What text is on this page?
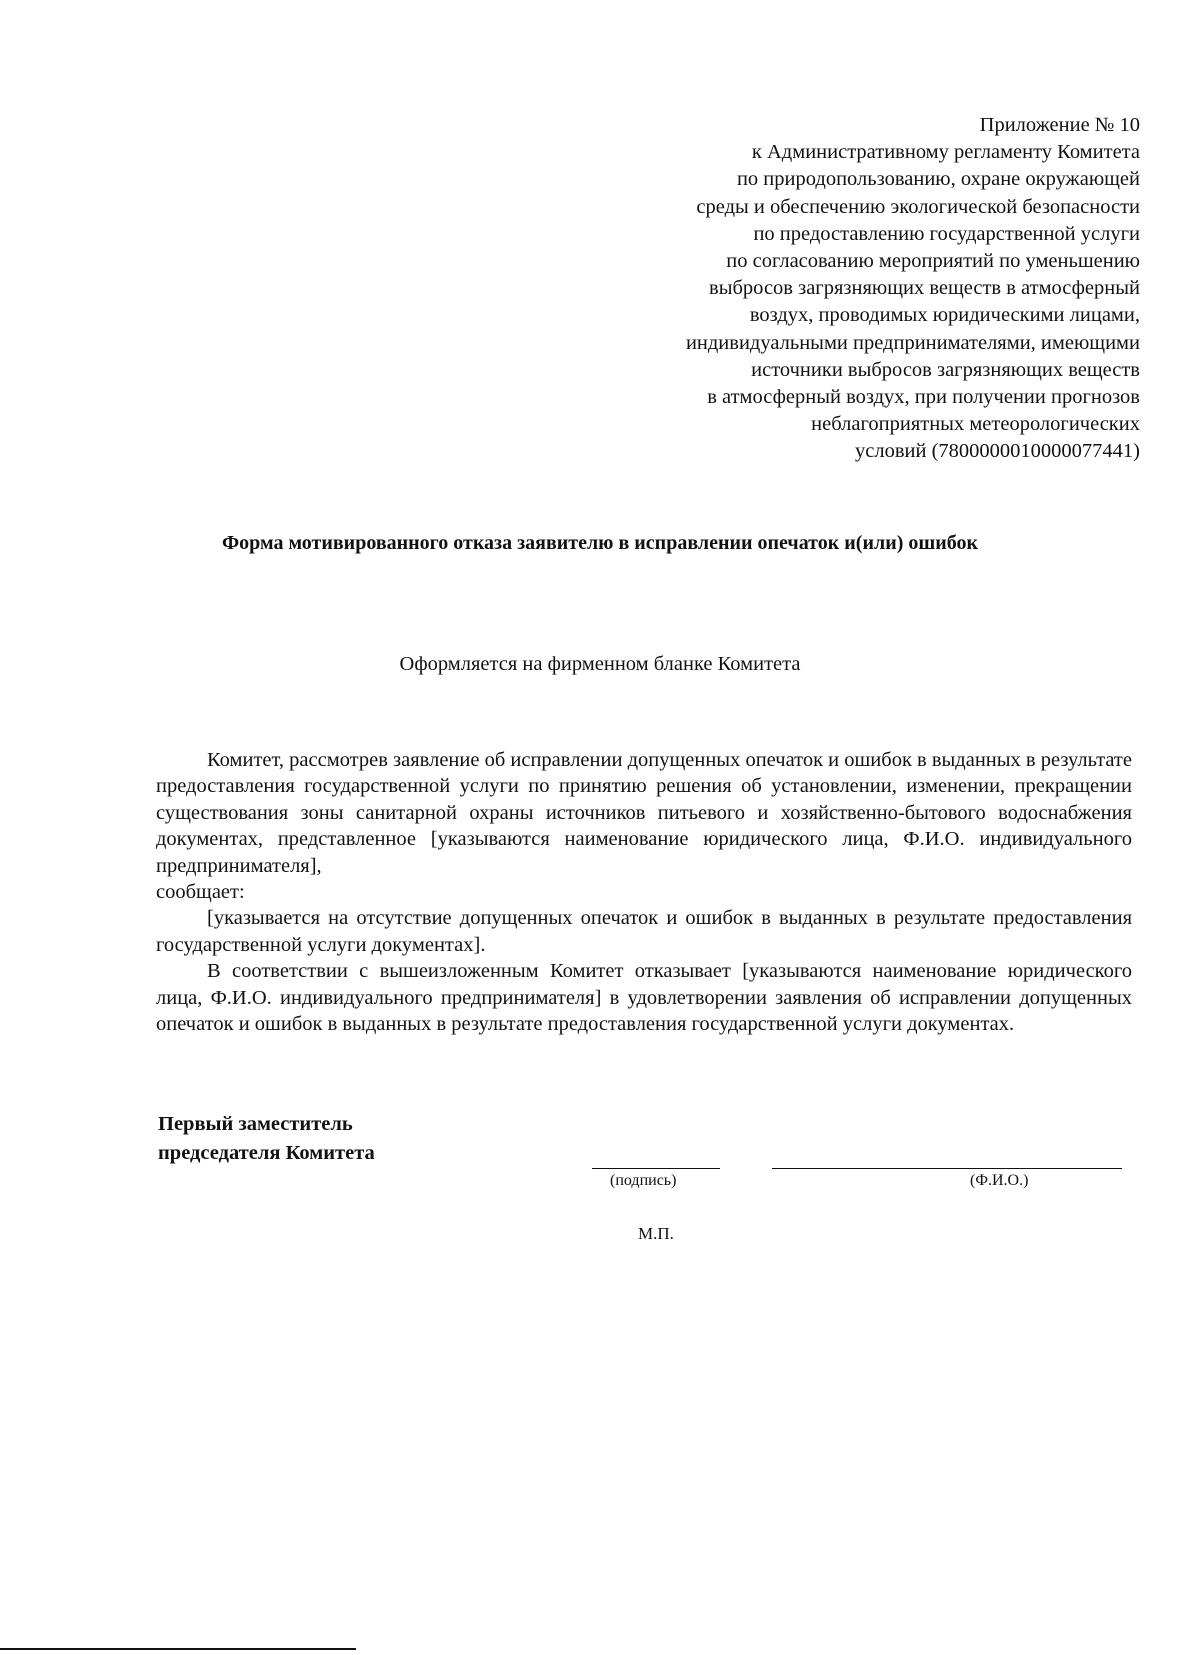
Приложение № 10
к Административному регламенту Комитета
по природопользованию, охране окружающей
среды и обеспечению экологической безопасности
по предоставлению государственной услуги
по согласованию мероприятий по уменьшению
выбросов загрязняющих веществ в атмосферный
воздух, проводимых юридическими лицами,
индивидуальными предпринимателями, имеющими
источники выбросов загрязняющих веществ
в атмосферный воздух, при получении прогнозов
неблагоприятных метеорологических
условий (7800000010000077441)
Форма мотивированного отказа заявителю в исправлении опечаток и(или) ошибок
Оформляется на фирменном бланке Комитета

Комитет, рассмотрев заявление об исправлении допущенных опечаток и ошибок в выданных в результате предоставления государственной услуги по принятию решения об установлении, изменении, прекращении существования зоны санитарной охраны источников питьевого и хозяйственно-бытового водоснабжения документах, представленное [указываются наименование юридического лица, Ф.И.О. индивидуального предпринимателя],

сообщает:

[указывается на отсутствие допущенных опечаток и ошибок в выданных в результате предоставления государственной услуги документах].

В соответствии с вышеизложенным Комитет отказывает [указываются наименование юридического лица, Ф.И.О. индивидуального предпринимателя] в удовлетворении заявления об исправлении допущенных опечаток и ошибок в выданных в результате предоставления государственной услуги документах.

Первый заместитель
председателя Комитета
(подпись)	(Ф.И.О.)
М.П.
